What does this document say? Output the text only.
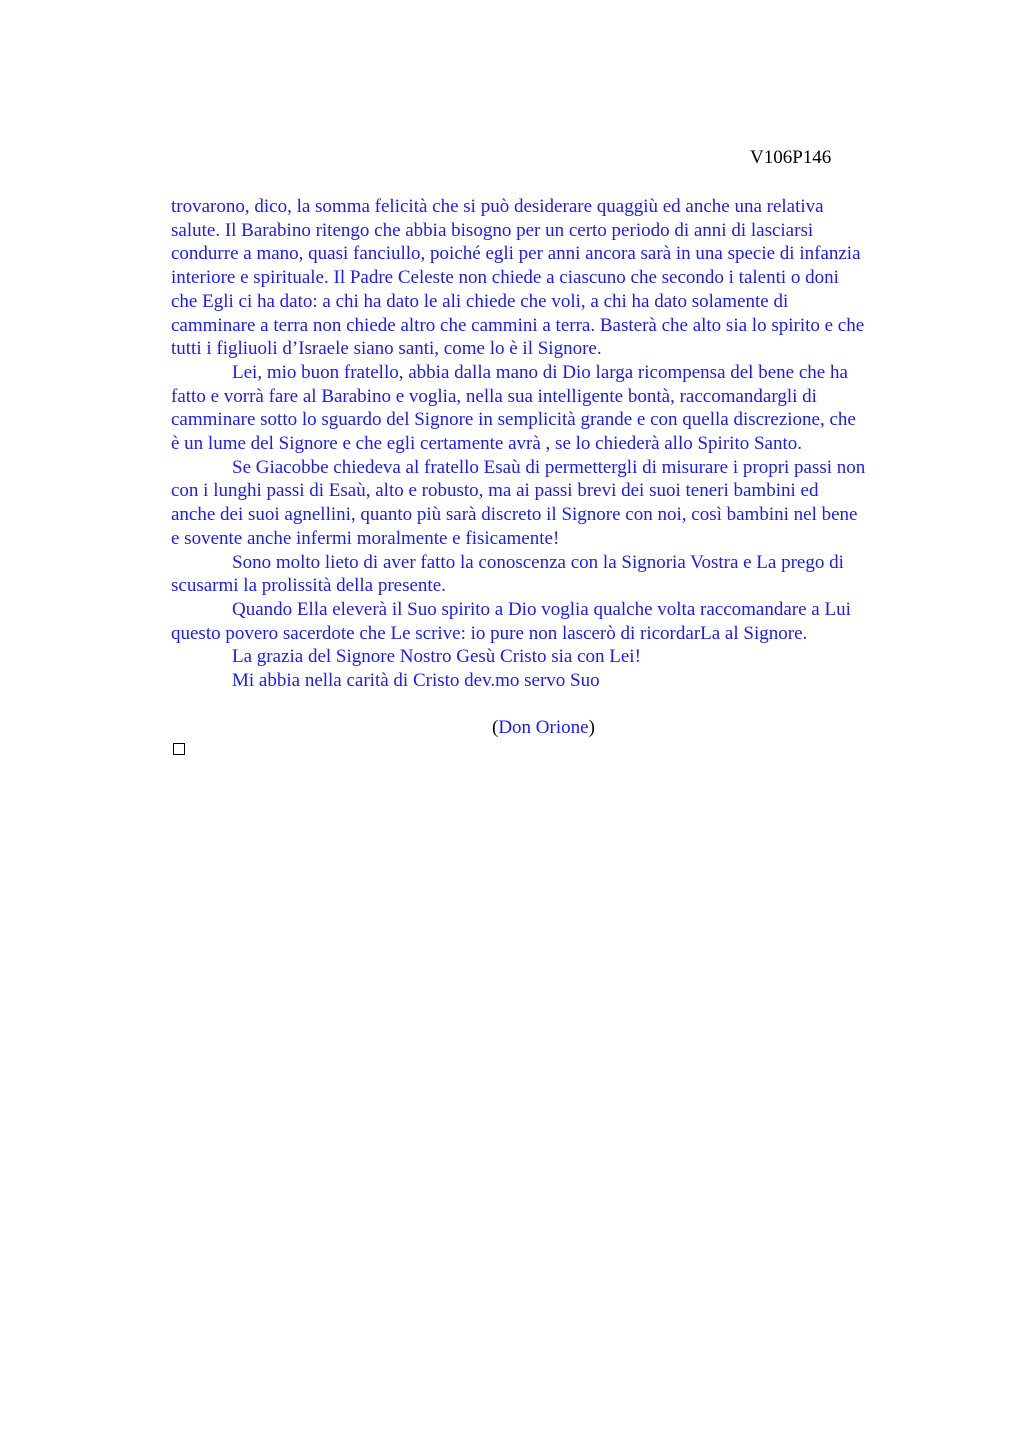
V106P146

trovarono, dico, la somma felicità che si può desiderare quaggiù ed anche una relativa

salute. Il Barabino ritengo che abbia bisogno per un certo periodo di anni di lasciarsi

condurre a mano, quasi fanciullo, poiché egli per anni ancora sarà in una specie di infanzia

interiore e spirituale. Il Padre Celeste non chiede a ciascuno che secondo i talenti o doni

che Egli ci ha dato: a chi ha dato le ali chiede che voli, a chi ha dato solamente di

camminare a terra non chiede altro che cammini a terra. Basterà che alto sia lo spirito e che

tutti i figliuoli d’Israele siano santi, come lo è il Signore.

Lei, mio buon fratello, abbia dalla mano di Dio larga ricompensa del bene che ha

fatto e vorrà fare al Barabino e voglia, nella sua intelligente bontà, raccomandargli di

camminare sotto lo sguardo del Signore in semplicità grande e con quella discrezione, che

è un lume del Signore e che egli certamente avrà , se lo chiederà allo Spirito Santo.

Se Giacobbe chiedeva al fratello Esaù di permettergli di misurare i propri passi non

con i lunghi passi di Esaù, alto e robusto, ma ai passi brevi dei suoi teneri bambini ed

anche dei suoi agnellini, quanto più sarà discreto il Signore con noi, così bambini nel bene

e sovente anche infermi moralmente e fisicamente!

Sono molto lieto di aver fatto la conoscenza con la Signoria Vostra e La prego di

scusarmi la prolissità della presente.

Quando Ella eleverà il Suo spirito a Dio voglia qualche volta raccomandare a Lui

questo povero sacerdote che Le scrive: io pure non lascerò di ricordarLa al Signore.

La grazia del Signore Nostro Gesù Cristo sia con Lei!

Mi abbia nella carità di Cristo dev.mo servo Suo

(Don Orione)
